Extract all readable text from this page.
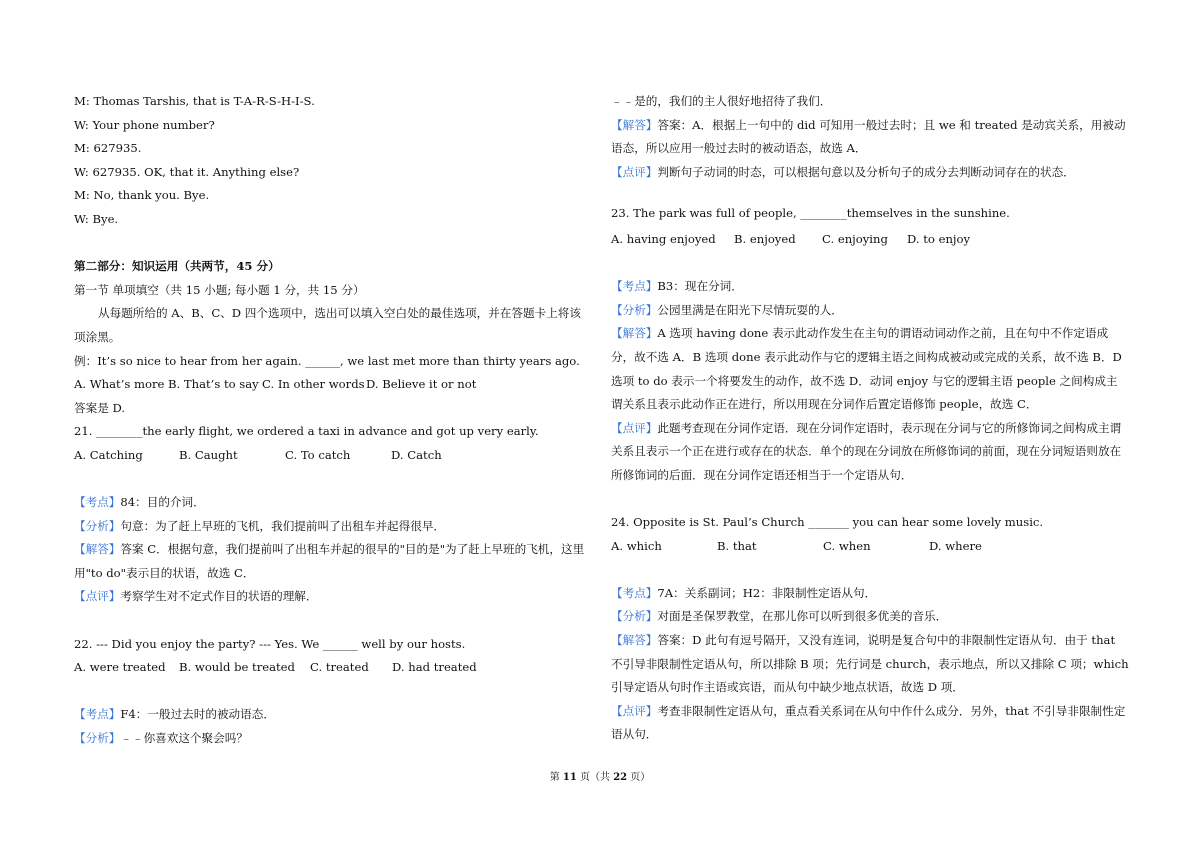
M: Thomas Tarshis, that is T-A-R-S-H-I-S.
W: Your phone number?
M: 627935.
W: 627935. OK, that it. Anything else?
M: No, thank you. Bye.
W: Bye.
第二部分：知识运用（共两节，45 分）
第一节 单项填空（共 15 小题; 每小题 1 分，共 15 分）
从每题所给的 A、B、C、D 四个选项中，选出可以填入空白处的最佳选项，并在答题卡上将该项涂黑。
例：It’s so nice to hear from her again. ______, we last met more than thirty years ago.
A. What’s more B. That’s to say C. In other words D. Believe it or not
答案是 D.
21. ________the early flight, we ordered a taxi in advance and got up very early.
A. Catching	B. Caught	C. To catch	D. Catch
【考点】84：目的介词．
【分析】句意：为了赶上早班的飞机，我们提前叫了出租车并起得很早．
【解答】答案 C．根据句意，我们提前叫了出租车并起的很早的"目的是"为了赶上早班的飞机，这里用"to do"表示目的状语，故选 C．
【点评】考察学生对不定式作目的状语的理解．
22. --- Did you enjoy the party? --- Yes. We ______ well by our hosts.
A. were treated	B. would be treated	C. treated	D. had treated
【考点】F4：一般过去时的被动语态．
【分析】﹣﹣你喜欢这个聚会吗？
﹣﹣是的，我们的主人很好地招待了我们．
【解答】答案：A．根据上一句中的 did 可知用一般过去时；且 we 和 treated 是动宾关系，用被动语态，所以应用一般过去时的被动语态，故选 A．
【点评】判断句子动词的时态，可以根据句意以及分析句子的成分去判断动词存在的状态．
23. The park was full of people, ________themselves in the sunshine.
A. having enjoyed	B. enjoyed	C. enjoying	D. to enjoy
【考点】B3：现在分词．
【分析】公园里满是在阳光下尽情玩耍的人．
【解答】A 选项 having done 表示此动作发生在主句的谓语动词动作之前，且在句中不作定语成分，故不选 A．B 选项 done 表示此动作与它的逻辑主语之间构成被动或完成的关系，故不选 B．D 选项 to do 表示一个将要发生的动作，故不选 D．动词 enjoy 与它的逻辑主语 people 之间构成主谓关系且表示此动作正在进行，所以用现在分词作后置定语修饰 people，故选 C．
【点评】此题考查现在分词作定语．现在分词作定语时，表示现在分词与它的所修饰词之间构成主谓关系且表示一个正在进行或存在的状态．单个的现在分词放在所修饰词的前面，现在分词短语则放在所修饰词的后面．现在分词作定语还相当于一个定语从句．
24. Opposite is St. Paul’s Church _______ you can hear some lovely music.
A. which	B. that	C. when	D. where
【考点】7A：关系副词；H2：非限制性定语从句．
【分析】对面是圣保罗教堂，在那儿你可以听到很多优美的音乐．
【解答】答案：D 此句有逗号隔开，又没有连词，说明是复合句中的非限制性定语从句．由于 that 不引导非限制性定语从句，所以排除 B 项；先行词是 church，表示地点，所以又排除 C 项；which 引导定语从句时作主语或宾语，而从句中缺少地点状语，故选 D 项．
【点评】考查非限制性定语从句，重点看关系词在从句中作什么成分．另外，that 不引导非限制性定语从句．
第 11 页（共 22 页）
